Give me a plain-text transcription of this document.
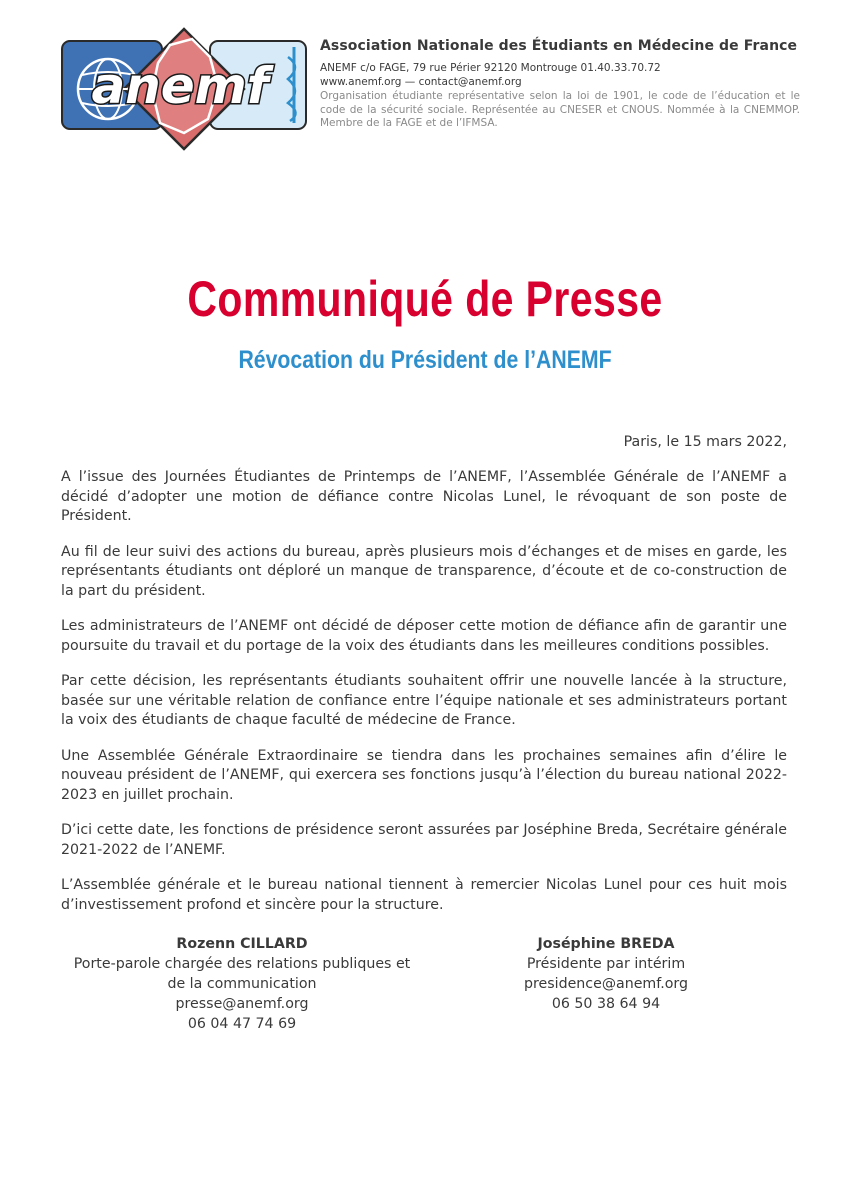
anemf
Association Nationale des Étudiants en Médecine de France
ANEMF c/o FAGE, 79 rue Périer 92120 Montrouge 01.40.33.70.72
www.anemf.org — contact@anemf.org
Organisation étudiante représentative selon la loi de 1901, le code de l’éducation et le code de la sécurité sociale. Représentée au CNESER et CNOUS. Nommée à la CNEMMOP. Membre de la FAGE et de l’IFMSA.
Communiqué de Presse
Révocation du Président de l’ANEMF
Paris, le 15 mars 2022,

A l’issue des Journées Étudiantes de Printemps de l’ANEMF, l’Assemblée Générale de l’ANEMF a décidé d’adopter une motion de défiance contre Nicolas Lunel, le révoquant de son poste de Président.

Au fil de leur suivi des actions du bureau, après plusieurs mois d’échanges et de mises en garde, les représentants étudiants ont déploré un manque de transparence, d’écoute et de co-construction de la part du président.

Les administrateurs de l’ANEMF ont décidé de déposer cette motion de défiance afin de garantir une poursuite du travail et du portage de la voix des étudiants dans les meilleures conditions possibles.

Par cette décision, les représentants étudiants souhaitent offrir une nouvelle lancée à la structure, basée sur une véritable relation de confiance entre l’équipe nationale et ses administrateurs portant la voix des étudiants de chaque faculté de médecine de France.

Une Assemblée Générale Extraordinaire se tiendra dans les prochaines semaines afin d’élire le nouveau président de l’ANEMF, qui exercera ses fonctions jusqu’à l’élection du bureau national 2022-2023 en juillet prochain.

D’ici cette date, les fonctions de présidence seront assurées par Joséphine Breda, Secrétaire générale 2021-2022 de l’ANEMF.

L’Assemblée générale et le bureau national tiennent à remercier Nicolas Lunel pour ces huit mois d’investissement profond et sincère pour la structure.

Rozenn CILLARD
Porte-parole chargée des relations publiques et de la communication
presse@anemf.org
06 04 47 74 69
Joséphine BREDA
Présidente par intérim
presidence@anemf.org
06 50 38 64 94
